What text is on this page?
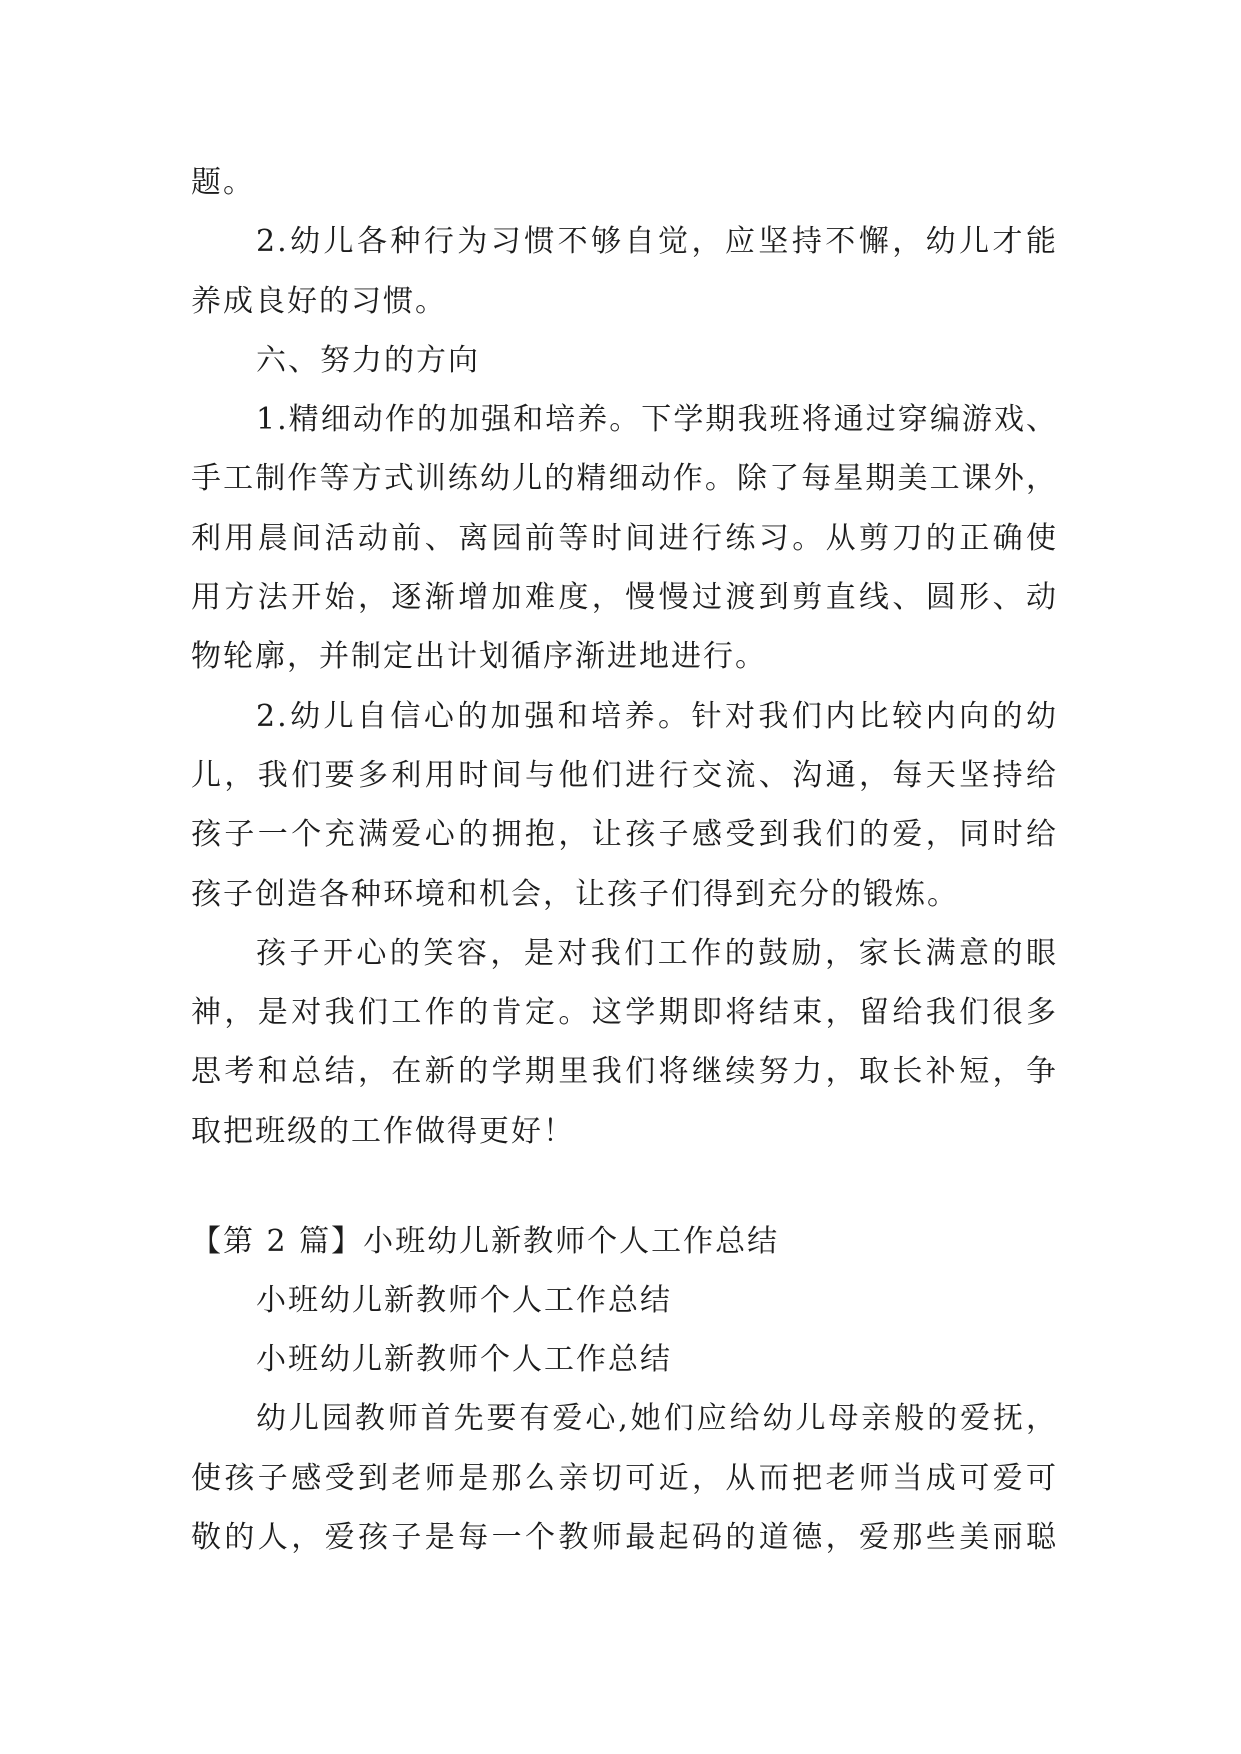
题。
2.幼儿各种行为习惯不够自觉，应坚持不懈，幼儿才能
养成良好的习惯。
六、努力的方向
1.精细动作的加强和培养。下学期我班将通过穿编游戏、
手工制作等方式训练幼儿的精细动作。除了每星期美工课外，
利用晨间活动前、离园前等时间进行练习。从剪刀的正确使
用方法开始，逐渐增加难度，慢慢过渡到剪直线、圆形、动
物轮廓，并制定出计划循序渐进地进行。
2.幼儿自信心的加强和培养。针对我们内比较内向的幼
儿，我们要多利用时间与他们进行交流、沟通，每天坚持给
孩子一个充满爱心的拥抱，让孩子感受到我们的爱，同时给
孩子创造各种环境和机会，让孩子们得到充分的锻炼。
孩子开心的笑容，是对我们工作的鼓励，家长满意的眼
神，是对我们工作的肯定。这学期即将结束，留给我们很多
思考和总结，在新的学期里我们将继续努力，取长补短，争
取把班级的工作做得更好！
【第 2 篇】小班幼儿新教师个人工作总结
小班幼儿新教师个人工作总结
小班幼儿新教师个人工作总结
幼儿园教师首先要有爱心,她们应给幼儿母亲般的爱抚，
使孩子感受到老师是那么亲切可近，从而把老师当成可爱可
敬的人，爱孩子是每一个教师最起码的道德，爱那些美丽聪
